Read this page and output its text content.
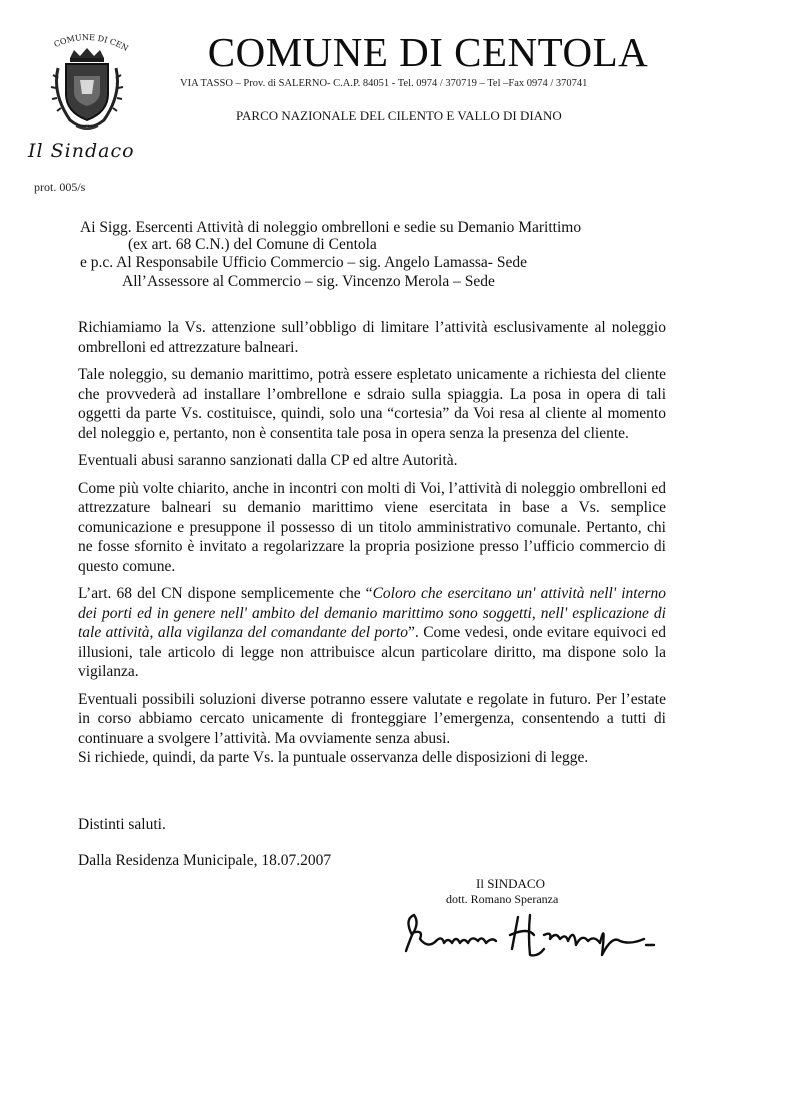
COMUNE DI CEN
Il Sindaco
COMUNE DI CENTOLA
VIA TASSO – Prov. di SALERNO- C.A.P. 84051 - Tel. 0974 / 370719 – Tel –Fax 0974 / 370741
PARCO NAZIONALE DEL CILENTO E VALLO DI DIANO
prot. 005/s
Ai Sigg. Esercenti Attività di noleggio ombrelloni e sedie su Demanio Marittimo
(ex art. 68 C.N.) del Comune di Centola
e p.c. Al Responsabile Ufficio Commercio – sig. Angelo Lamassa- Sede
All’Assessore al Commercio – sig. Vincenzo Merola – Sede

Richiamiamo la Vs. attenzione sull’obbligo di limitare l’attività esclusivamente al noleggio ombrelloni ed attrezzature balneari.

Tale noleggio, su demanio marittimo, potrà essere espletato unicamente a richiesta del cliente che provvederà ad installare l’ombrellone e sdraio sulla spiaggia. La posa in opera di tali oggetti da parte Vs. costituisce, quindi, solo una “cortesia” da Voi resa al cliente al momento del noleggio e, pertanto, non è consentita tale posa in opera senza la presenza del cliente.

Eventuali abusi saranno sanzionati dalla CP ed altre Autorità.

Come più volte chiarito, anche in incontri con molti di Voi, l’attività di noleggio ombrelloni ed attrezzature balneari su demanio marittimo viene esercitata in base a Vs. semplice comunicazione e presuppone il possesso di un titolo amministrativo comunale. Pertanto, chi ne fosse sfornito è invitato a regolarizzare la propria posizione presso l’ufficio commercio di questo comune.

L’art. 68 del CN dispone semplicemente che “Coloro che esercitano un' attività nell' interno dei porti ed in genere nell' ambito del demanio marittimo sono soggetti, nell' esplicazione di tale attività, alla vigilanza del comandante del porto”. Come vedesi, onde evitare equivoci ed illusioni, tale articolo di legge non attribuisce alcun particolare diritto, ma dispone solo la vigilanza.

Eventuali possibili soluzioni diverse potranno essere valutate e regolate in futuro. Per l’estate in corso abbiamo cercato unicamente di fronteggiare l’emergenza, consentendo a tutti di continuare a svolgere l’attività. Ma ovviamente senza abusi.

Si richiede, quindi, da parte Vs. la puntuale osservanza delle disposizioni di legge.

Distinti saluti.
Dalla Residenza Municipale, 18.07.2007
Il SINDACO
dott. Romano Speranza
